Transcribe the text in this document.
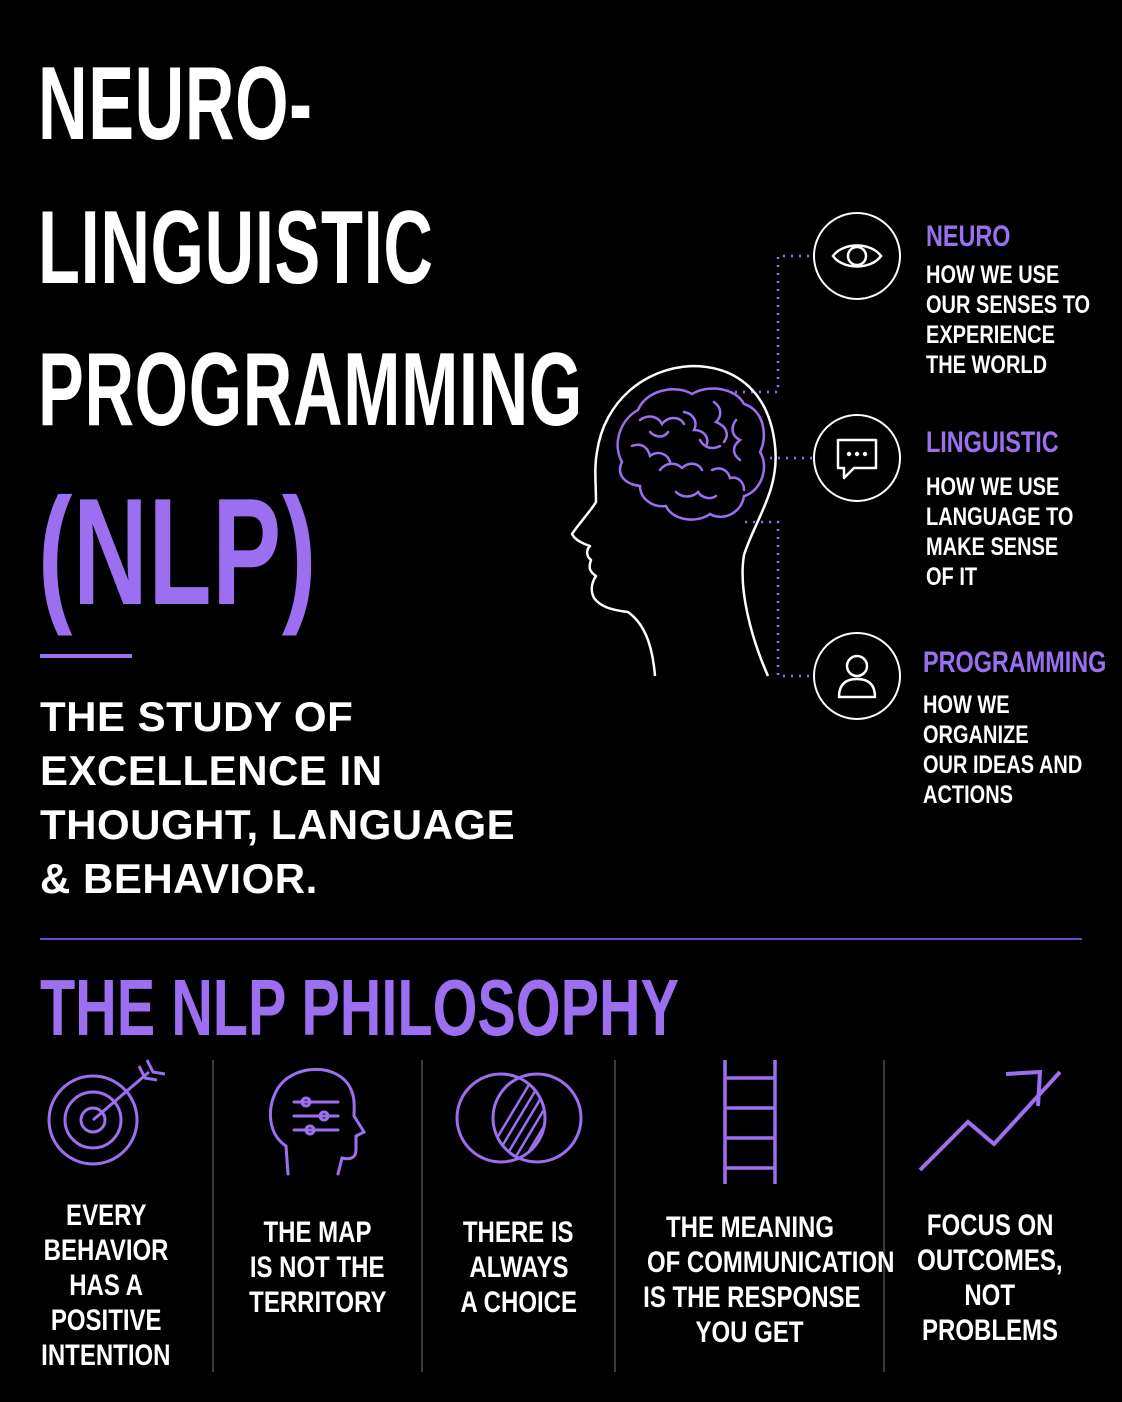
NEURO-
LINGUISTIC
PROGRAMMING
(NLP)

THE STUDY OF
EXCELLENCE IN
THOUGHT, LANGUAGE
& BEHAVIOR.

NEURO

HOW WE USE
OUR SENSES TO
EXPERIENCE
THE WORLD

LINGUISTIC

HOW WE USE
LANGUAGE TO
MAKE SENSE
OF IT

PROGRAMMING

HOW WE ORGANIZE
OUR IDEAS AND
ACTIONS

THE NLP PHILOSOPHY

EVERY
BEHAVIOR
HAS A
POSITIVE
INTENTION

THE MAP
IS NOT THE
TERRITORY

THERE IS
ALWAYS
A CHOICE

THE MEANING
OF COMMUNICATION
IS THE RESPONSE
YOU GET

FOCUS ON
OUTCOMES,
NOT
PROBLEMS
